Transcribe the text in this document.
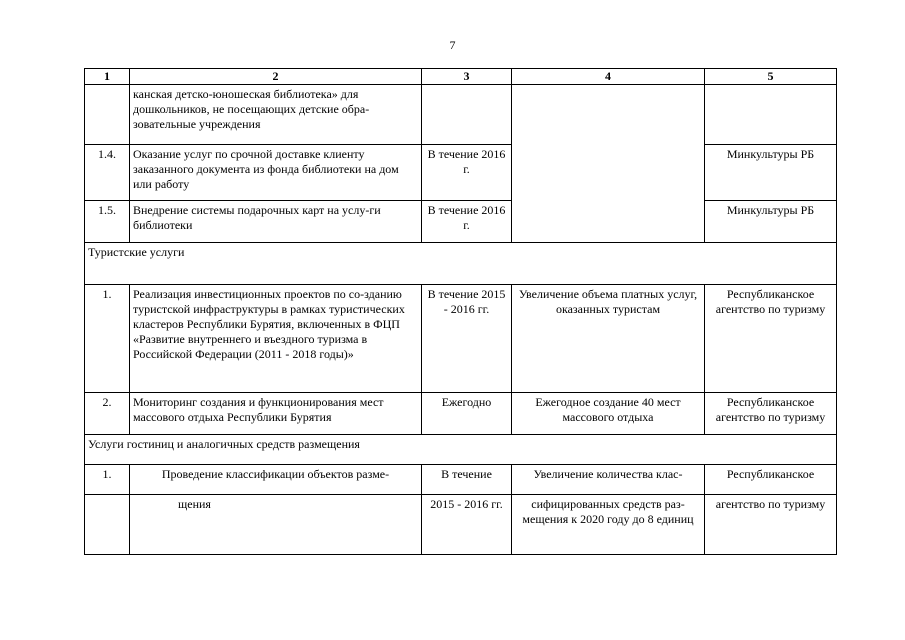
7
1	2	3	4	5
	канская детско-юношеская библиотека» для дошкольников, не посещающих детские обра-зовательные учреждения			
1.4.	Оказание услуг по срочной доставке клиенту заказанного документа из фонда библиотеки на дом или работу	В течение 2016 г.		Минкультуры РБ
1.5.	Внедрение системы подарочных карт на услу-ги библиотеки	В течение 2016 г.		Минкультуры РБ
Туристские услуги				
1.	Реализация инвестиционных проектов по со-зданию туристской инфраструктуры в рамках туристических кластеров Республики Бурятия, включенных в ФЦП «Развитие внутреннего и въездного туризма в Российской Федерации (2011 - 2018 годы)»	В течение 2015 - 2016 гг.	Увеличение объема платных услуг, оказанных туристам	Республиканское агентство по туризму
2.	Мониторинг создания и функционирования мест массового отдыха Республики Бурятия	Ежегодно	Ежегодное создание 40 мест массового отдыха	Республиканское агентство по туризму
Услуги гостиниц и аналогичных средств размещения				
1.	Проведение классификации объектов разме-	В течение	Увеличение количества клас-	Республиканское
	щения	2015 - 2016 гг.	сифицированных средств раз-мещения к 2020 году до 8 единиц	агентство по туризму
